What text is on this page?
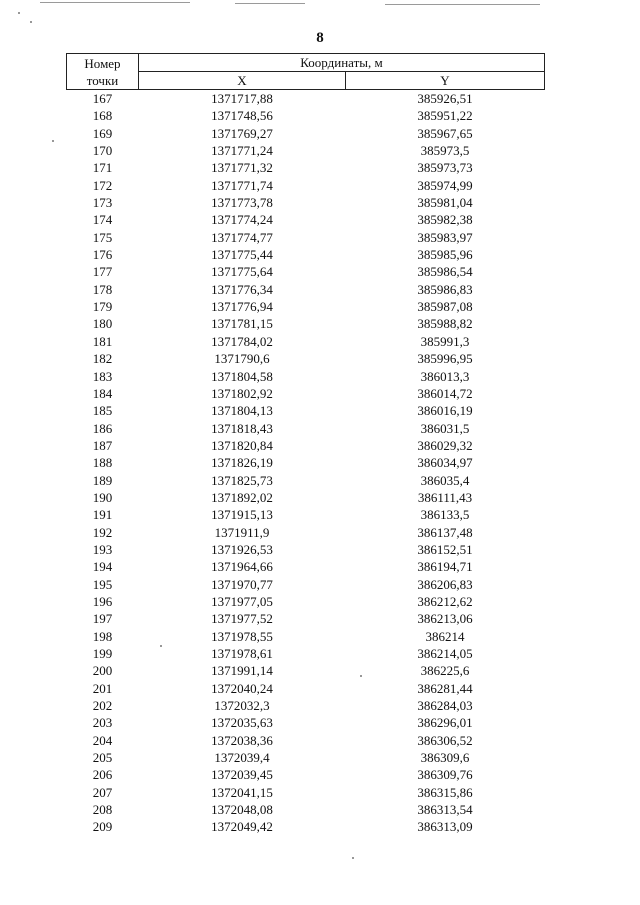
8
Номер
точки	Координаты, м	
	X	Y
167	1371717,88	385926,51
168	1371748,56	385951,22
169	1371769,27	385967,65
170	1371771,24	385973,5
171	1371771,32	385973,73
172	1371771,74	385974,99
173	1371773,78	385981,04
174	1371774,24	385982,38
175	1371774,77	385983,97
176	1371775,44	385985,96
177	1371775,64	385986,54
178	1371776,34	385986,83
179	1371776,94	385987,08
180	1371781,15	385988,82
181	1371784,02	385991,3
182	1371790,6	385996,95
183	1371804,58	386013,3
184	1371802,92	386014,72
185	1371804,13	386016,19
186	1371818,43	386031,5
187	1371820,84	386029,32
188	1371826,19	386034,97
189	1371825,73	386035,4
190	1371892,02	386111,43
191	1371915,13	386133,5
192	1371911,9	386137,48
193	1371926,53	386152,51
194	1371964,66	386194,71
195	1371970,77	386206,83
196	1371977,05	386212,62
197	1371977,52	386213,06
198	1371978,55	386214
199	1371978,61	386214,05
200	1371991,14	386225,6
201	1372040,24	386281,44
202	1372032,3	386284,03
203	1372035,63	386296,01
204	1372038,36	386306,52
205	1372039,4	386309,6
206	1372039,45	386309,76
207	1372041,15	386315,86
208	1372048,08	386313,54
209	1372049,42	386313,09
